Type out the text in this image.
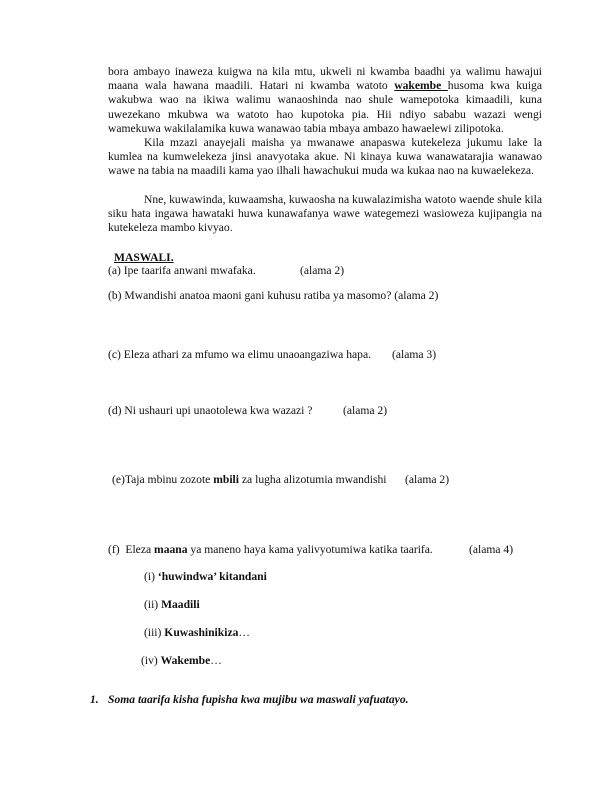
bora ambayo inaweza kuigwa na kila mtu, ukweli ni kwamba baadhi ya walimu hawajui maana wala hawana maadili. Hatari ni kwamba watoto wakembe husoma kwa kuiga wakubwa wao na ikiwa walimu wanaoshinda nao shule wamepotoka kimaadili, kuna uwezekano mkubwa wa watoto hao kupotoka pia. Hii ndiyo sababu wazazi wengi wamekuwa wakilalamika kuwa wanawao tabia mbaya ambazo hawaelewi zilipotoka.

Kila mzazi anayejali maisha ya mwanawe anapaswa kutekeleza jukumu lake la kumlea na kumwelekeza jinsi anavyotaka akue. Ni kinaya kuwa wanawatarajia wanawao wawe na tabia na maadili kama yao ilhali hawachukui muda wa kukaa nao na kuwaelekeza.

Nne, kuwawinda, kuwaamsha, kuwaosha na kuwalazimisha watoto waende shule kila siku hata ingawa hawataki huwa kunawafanya wawe wategemezi wasioweza kujipangia na kutekeleza mambo kivyao.

MASWALI.
(a) Ipe taarifa anwani mwafaka.	(alama 2)
(b) Mwandishi anatoa maoni gani kuhusu ratiba ya masomo? (alama 2)
(c) Eleza athari za mfumo wa elimu unaoangaziwa hapa. (alama 3)
(d) Ni ushauri upi unaotolewa kwa wazazi ?	(alama 2)
(e)Taja mbinu zozote mbili za lugha alizotumia mwandishi (alama 2)
(f)  Eleza maana ya maneno haya kama yalivyotumiwa katika taarifa.	(alama 4)
(i) ‘huwindwa’ kitandani
(ii) Maadili
(iii) Kuwashinikiza…
(iv) Wakembe…
1. Soma taarifa kisha fupisha kwa mujibu wa maswali yafuatayo.
